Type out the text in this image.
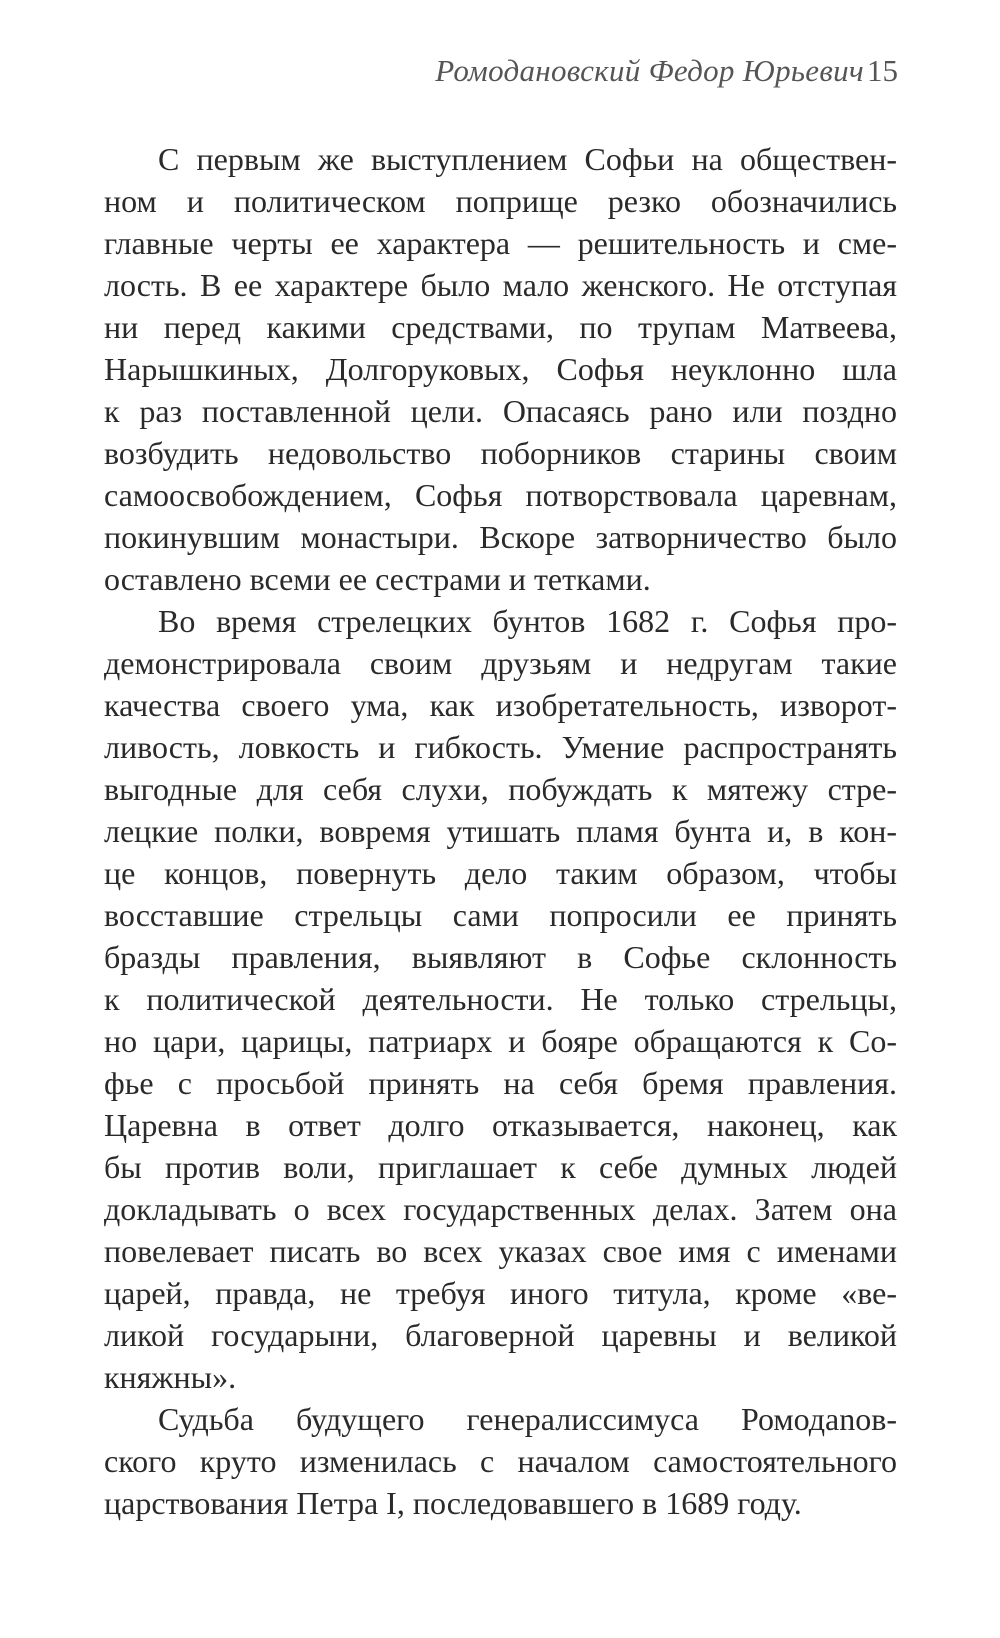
Ромодановский Федор Юрьевич 15
С первым же выступлением Софьи на обществен-
ном и политическом поприще резко обозначились
главные черты ее характера — решительность и сме-
лость. В ее характере было мало женского. Не отступая
ни перед какими средствами, по трупам Матвеева,
Нарышкиных, Долгоруковых, Софья неуклонно шла
к раз поставленной цели. Опасаясь рано или поздно
возбудить недовольство поборников старины своим
самоосвобождением, Софья потворствовала царевнам,
покинувшим монастыри. Вскоре затворничество было
оставлено всеми ее сестрами и тетками.
Во время стрелецких бунтов 1682 г. Софья про-
демонстрировала своим друзьям и недругам такие
качества своего ума, как изобретательность, изворот-
ливость, ловкость и гибкость. Умение распространять
выгодные для себя слухи, побуждать к мятежу стре-
лецкие полки, вовремя утишать пламя бунта и, в кон-
це концов, повернуть дело таким образом, чтобы
восставшие стрельцы сами попросили ее принять
бразды правления, выявляют в Софье склонность
к политической деятельности. Не только стрельцы,
но цари, царицы, патриарх и бояре обращаются к Со-
фье с просьбой принять на себя бремя правления.
Царевна в ответ долго отказывается, наконец, как
бы против воли, приглашает к себе думных людей
докладывать о всех государственных делах. Затем она
повелевает писать во всех указах свое имя с именами
царей, правда, не требуя иного титула, кроме «ве-
ликой государыни, благоверной царевны и великой
княжны».
Судьба будущего генералиссимуса Ромодanов-
ского круто изменилась с началом самостоятельного
царствования Петра I, последовавшего в 1689 году.
